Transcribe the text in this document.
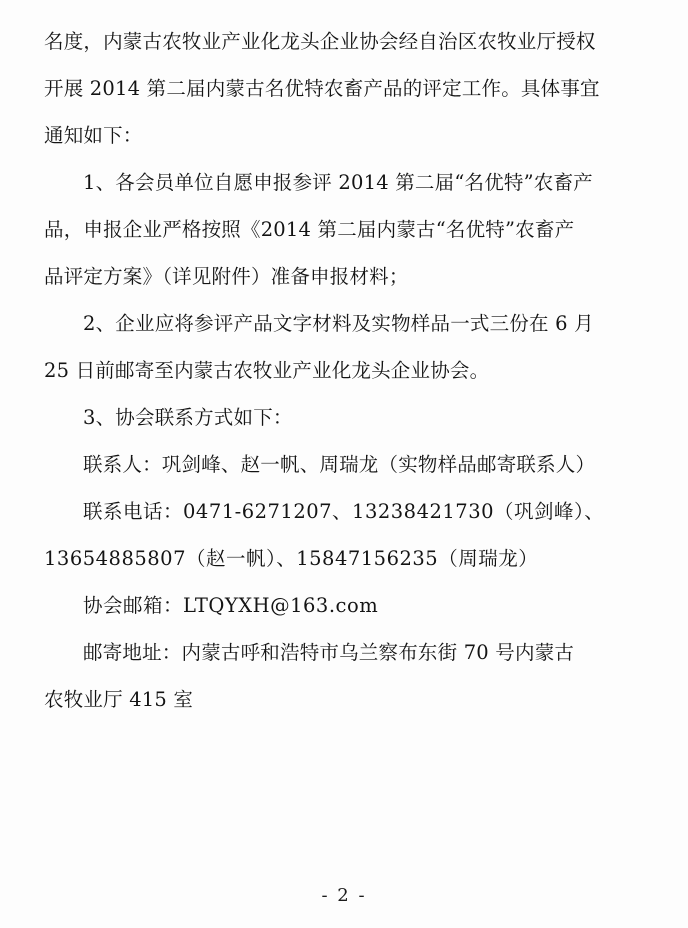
名度，内蒙古农牧业产业化龙头企业协会经自治区农牧业厅授权

开展 2014 第二届内蒙古名优特农畜产品的评定工作。具体事宜

通知如下：

1、各会员单位自愿申报参评 2014 第二届“名优特”农畜产

品，申报企业严格按照《2014 第二届内蒙古“名优特”农畜产

品评定方案》（详见附件）准备申报材料；

2、企业应将参评产品文字材料及实物样品一式三份在 6 月

25 日前邮寄至内蒙古农牧业产业化龙头企业协会。

3、协会联系方式如下：

联系人：巩剑峰、赵一帆、周瑞龙（实物样品邮寄联系人）

联系电话：0471-6271207、13238421730（巩剑峰）、

13654885807（赵一帆）、15847156235（周瑞龙）

协会邮箱：LTQYXH@163.com

邮寄地址：内蒙古呼和浩特市乌兰察布东街 70 号内蒙古

农牧业厅 415 室

- 2 -
